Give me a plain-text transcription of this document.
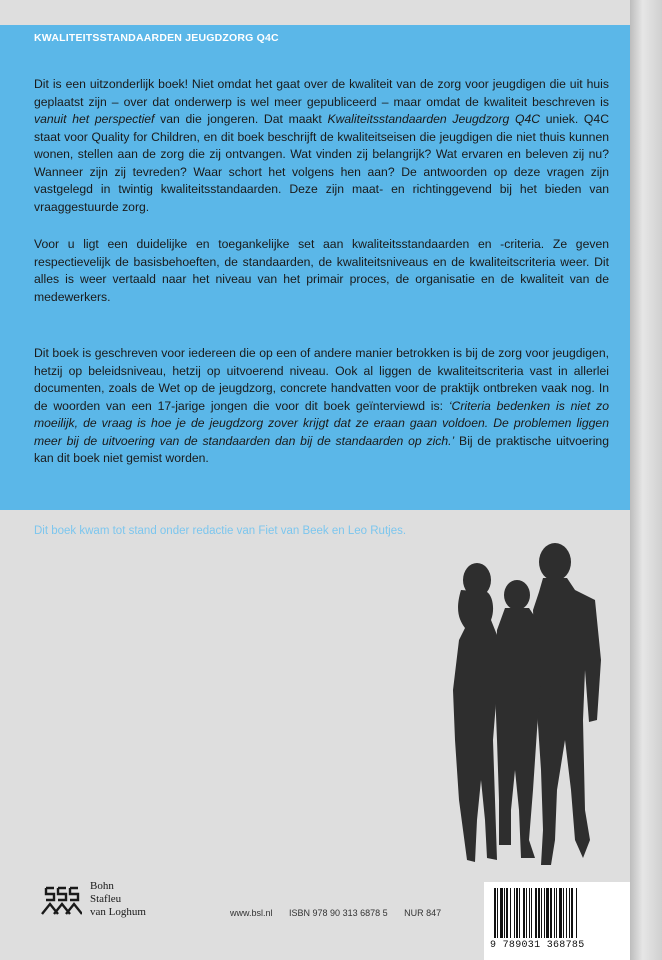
KWALITEITSSTANDAARDEN JEUGDZORG Q4C

Dit is een uitzonderlijk boek! Niet omdat het gaat over de kwaliteit van de zorg voor jeugdigen die uit huis geplaatst zijn – over dat onderwerp is wel meer gepubliceerd – maar omdat de kwaliteit beschreven is vanuit het perspectief van die jongeren. Dat maakt Kwaliteitsstandaarden Jeugdzorg Q4C uniek. Q4C staat voor Quality for Children, en dit boek beschrijft de kwaliteitseisen die jeugdigen die niet thuis kunnen wonen, stellen aan de zorg die zij ontvangen. Wat vinden zij belangrijk? Wat ervaren en beleven zij nu? Wanneer zijn zij tevreden? Waar schort het volgens hen aan? De antwoorden op deze vragen zijn vastgelegd in twintig kwaliteitsstandaarden. Deze zijn maat- en richtinggevend bij het bieden van vraaggestuurde zorg.

Voor u ligt een duidelijke en toegankelijke set aan kwaliteitsstandaarden en -criteria. Ze geven respectievelijk de basisbehoeften, de standaarden, de kwaliteitsniveaus en de kwaliteitscriteria weer. Dit alles is weer vertaald naar het niveau van het primair proces, de organisatie en de kwaliteit van de medewerkers.

Dit boek is geschreven voor iedereen die op een of andere manier betrokken is bij de zorg voor jeugdigen, hetzij op beleidsniveau, hetzij op uitvoerend niveau. Ook al liggen de kwaliteitscriteria vast in allerlei documenten, zoals de Wet op de jeugdzorg, concrete handvatten voor de praktijk ontbreken vaak nog. In de woorden van een 17-jarige jongen die voor dit boek geïnterviewd is: ‘Criteria bedenken is niet zo moeilijk, de vraag is hoe je de jeugdzorg zover krijgt dat ze eraan gaan voldoen. De problemen liggen meer bij de uitvoering van de standaarden dan bij de standaarden op zich.’ Bij de praktische uitvoering kan dit boek niet gemist worden.

Dit boek kwam tot stand onder redactie van Fiet van Beek en Leo Rutjes.
Bohn
Stafleu
van Loghum	www.bsl.nl ISBN 978 90 313 6878 5 NUR 847
9 789031 368785
